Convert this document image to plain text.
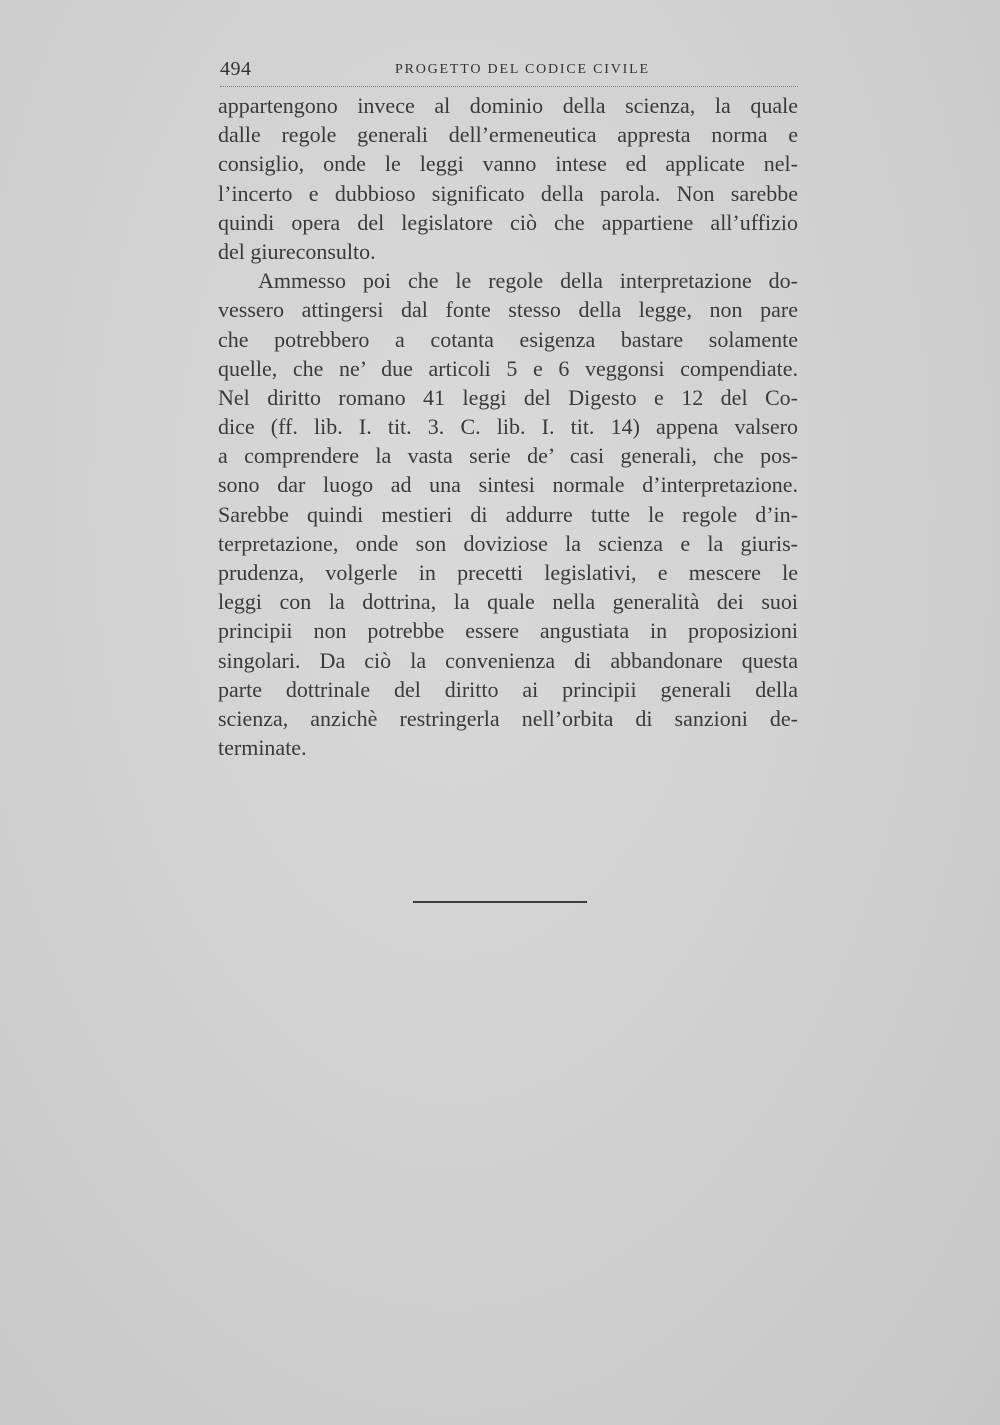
494	PROGETTO DEL CODICE CIVILE
appartengono invece al dominio della scienza, la quale
dalle regole generali dell’ermeneutica appresta norma e
consiglio, onde le leggi vanno intese ed applicate nel-
l’incerto e dubbioso significato della parola. Non sarebbe
quindi opera del legislatore ciò che appartiene all’uffizio
del giureconsulto.
Ammesso poi che le regole della interpretazione do-
vessero attingersi dal fonte stesso della legge, non pare
che potrebbero a cotanta esigenza bastare solamente
quelle, che ne’ due articoli 5 e 6 veggonsi compendiate.
Nel diritto romano 41 leggi del Digesto e 12 del Co-
dice (ff. lib. I. tit. 3. C. lib. I. tit. 14) appena valsero
a comprendere la vasta serie de’ casi generali, che pos-
sono dar luogo ad una sintesi normale d’interpretazione.
Sarebbe quindi mestieri di addurre tutte le regole d’in-
terpretazione, onde son doviziose la scienza e la giuris-
prudenza, volgerle in precetti legislativi, e mescere le
leggi con la dottrina, la quale nella generalità dei suoi
principii non potrebbe essere angustiata in proposizioni
singolari. Da ciò la convenienza di abbandonare questa
parte dottrinale del diritto ai principii generali della
scienza, anzichè restringerla nell’orbita di sanzioni de-
terminate.
